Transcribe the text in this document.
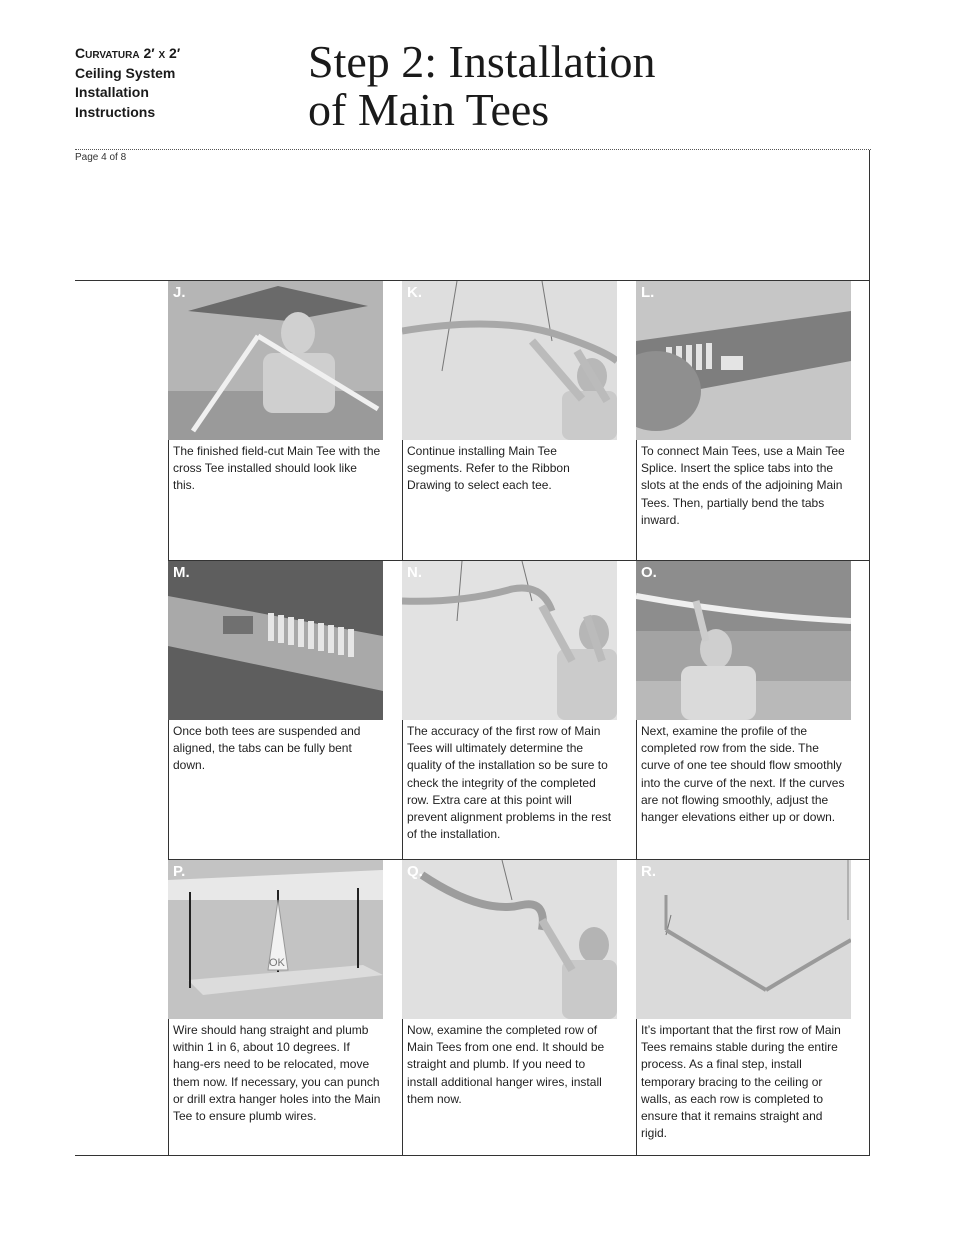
Curvatura 2′ x 2′
Ceiling System
Installation
Instructions
Step 2: Installation
of Main Tees
Page 4 of 8
J.
The finished field-cut Main Tee with the cross Tee installed should look like this.
K.
Continue installing Main Tee segments. Refer to the Ribbon Drawing to select each tee.
L.
To connect Main Tees, use a Main Tee Splice. Insert the splice tabs into the slots at the ends of the adjoining Main Tees. Then, partially bend the tabs inward.
M.
Once both tees are suspended and aligned, the tabs can be fully bent down.
N.
The accuracy of the first row of Main Tees will ultimately determine the quality of the installation so be sure to check the integrity of the completed row. Extra care at this point will prevent alignment problems in the rest of the installation.
O.
Next, examine the profile of the completed row from the side. The curve of one tee should flow smoothly into the curve of the next. If the curves are not flowing smoothly, adjust the hanger elevations either up or down.
OK
P.
Wire should hang straight and plumb within 1 in 6, about 10 degrees. If hang-ers need to be relocated, move them now. If necessary, you can punch or drill extra hanger holes into the Main Tee to ensure plumb wires.
Q.
Now, examine the completed row of Main Tees from one end. It should be straight and plumb. If you need to install additional hanger wires, install them now.
R.
It’s important that the first row of Main Tees remains stable during the entire process. As a final step, install temporary bracing to the ceiling or walls, as each row is completed to ensure that it remains straight and rigid.
